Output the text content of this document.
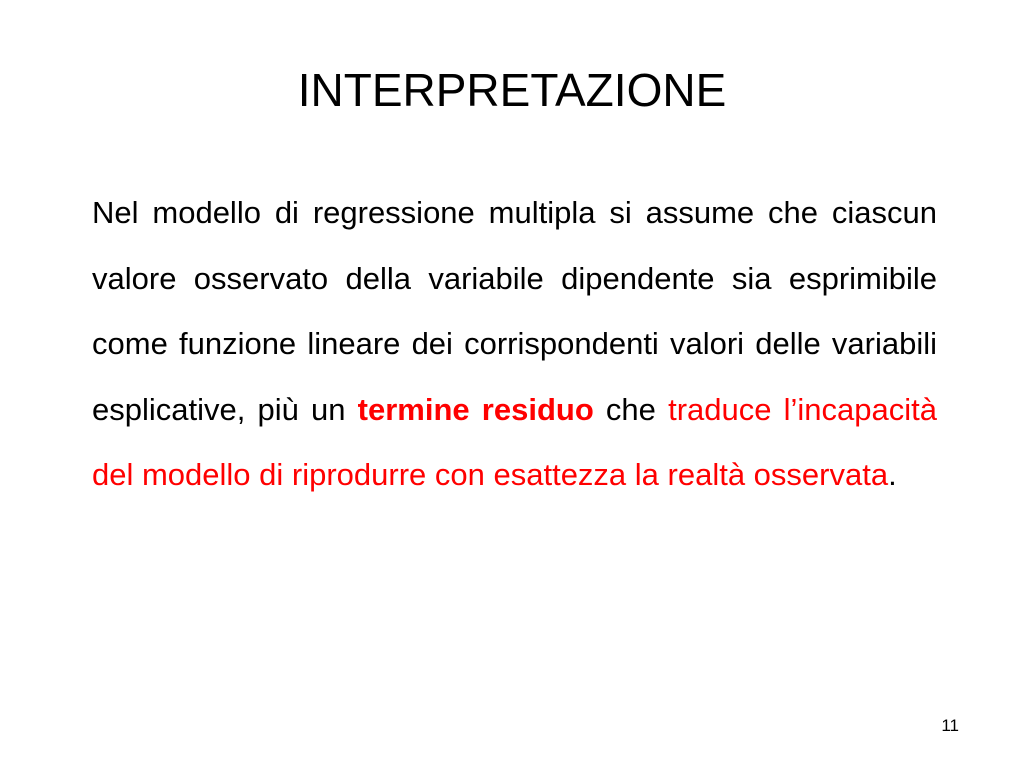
INTERPRETAZIONE

Nel modello di regressione multipla si assume che ciascun valore osservato della variabile dipendente sia esprimibile come funzione lineare dei corrispondenti valori delle variabili esplicative, più un termine residuo che traduce l’incapacità del modello di riprodurre con esattezza la realtà osservata.

11
